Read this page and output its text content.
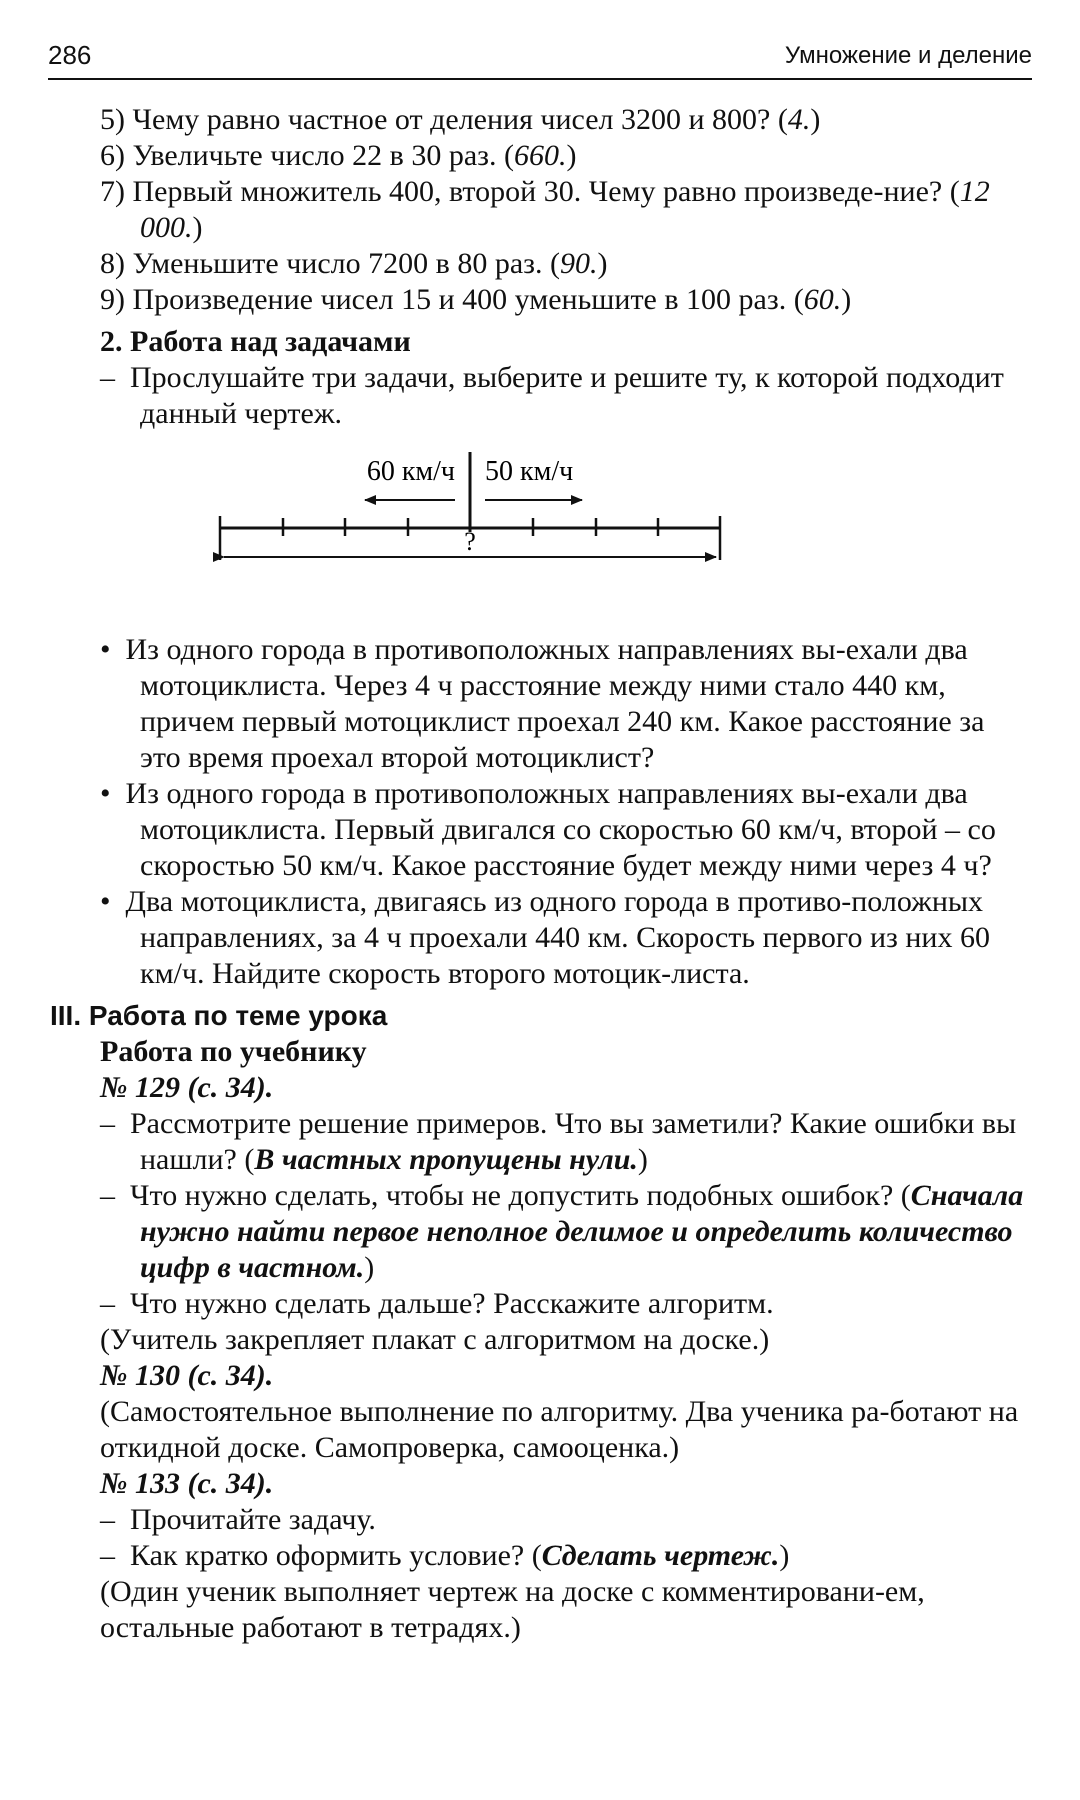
286	Умножение и деление
5) Чему равно частное от деления чисел 3200 и 800? (4.)
6) Увеличьте число 22 в 30 раз. (660.)
7) Первый множитель 400, второй 30. Чему равно произведе-ние? (12 000.)
8) Уменьшите число 7200 в 80 раз. (90.)
9) Произведение чисел 15 и 400 уменьшите в 100 раз. (60.)
2. Работа над задачами
– Прослушайте три задачи, выберите и решите ту, к которой подходит данный чертеж.
60 км/ч 50 км/ч
?
• Из одного города в противоположных направлениях вы-ехали два мотоциклиста. Через 4 ч расстояние между ними стало 440 км, причем первый мотоциклист проехал 240 км. Какое расстояние за это время проехал второй мотоциклист?
• Из одного города в противоположных направлениях вы-ехали два мотоциклиста. Первый двигался со скоростью 60 км/ч, второй – со скоростью 50 км/ч. Какое расстояние будет между ними через 4 ч?
• Два мотоциклиста, двигаясь из одного города в противо-положных направлениях, за 4 ч проехали 440 км. Скорость первого из них 60 км/ч. Найдите скорость второго мотоцик-листа.
III. Работа по теме урока
Работа по учебнику
№ 129 (с. 34).
– Рассмотрите решение примеров. Что вы заметили? Какие ошибки вы нашли? (В частных пропущены нули.)
– Что нужно сделать, чтобы не допустить подобных ошибок? (Сначала нужно найти первое неполное делимое и определить количество цифр в частном.)
– Что нужно сделать дальше? Расскажите алгоритм.
(Учитель закрепляет плакат с алгоритмом на доске.)
№ 130 (с. 34).
(Самостоятельное выполнение по алгоритму. Два ученика ра-ботают на откидной доске. Самопроверка, самооценка.)
№ 133 (с. 34).
– Прочитайте задачу.
– Как кратко оформить условие? (Сделать чертеж.)
(Один ученик выполняет чертеж на доске с комментировани-ем, остальные работают в тетрадях.)
